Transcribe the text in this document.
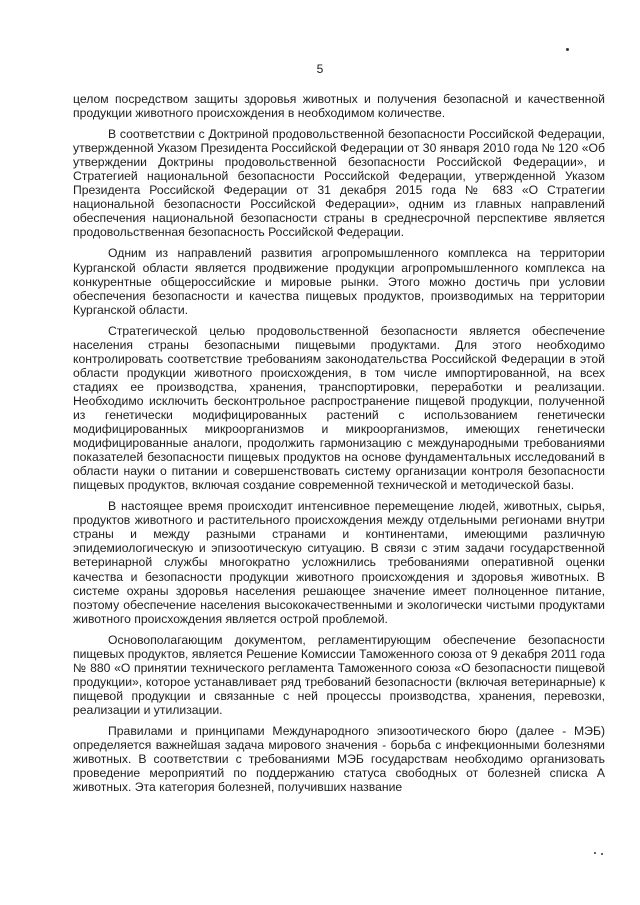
5

целом посредством защиты здоровья животных и получения безопасной и качественной продукции животного происхождения в необходимом количестве.

В соответствии с Доктриной продовольственной безопасности Российской Федерации, утвержденной Указом Президента Российской Федерации от 30 января 2010 года № 120 «Об утверждении Доктрины продовольственной безопасности Российской Федерации», и Стратегией национальной безопасности Российской Федерации, утвержденной Указом Президента Российской Федерации от 31 декабря 2015 года № 683 «О Стратегии национальной безопасности Российской Федерации», одним из главных направлений обеспечения национальной безопасности страны в среднесрочной перспективе является продовольственная безопасность Российской Федерации.

Одним из направлений развития агропромышленного комплекса на территории Курганской области является продвижение продукции агропромышленного комплекса на конкурентные общероссийские и мировые рынки. Этого можно достичь при условии обеспечения безопасности и качества пищевых продуктов, производимых на территории Курганской области.

Стратегической целью продовольственной безопасности является обеспечение населения страны безопасными пищевыми продуктами. Для этого необходимо контролировать соответствие требованиям законодательства Российской Федерации в этой области продукции животного происхождения, в том числе импортированной, на всех стадиях ее производства, хранения, транспортировки, переработки и реализации. Необходимо исключить бесконтрольное распространение пищевой продукции, полученной из генетически модифицированных растений с использованием генетически модифицированных микроорганизмов и микроорганизмов, имеющих генетически модифицированные аналоги, продолжить гармонизацию с международными требованиями показателей безопасности пищевых продуктов на основе фундаментальных исследований в области науки о питании и совершенствовать систему организации контроля безопасности пищевых продуктов, включая создание современной технической и методической базы.

В настоящее время происходит интенсивное перемещение людей, животных, сырья, продуктов животного и растительного происхождения между отдельными регионами внутри страны и между разными странами и континентами, имеющими различную эпидемиологическую и эпизоотическую ситуацию. В связи с этим задачи государственной ветеринарной службы многократно усложнились требованиями оперативной оценки качества и безопасности продукции животного происхождения и здоровья животных. В системе охраны здоровья населения решающее значение имеет полноценное питание, поэтому обеспечение населения высококачественными и экологически чистыми продуктами животного происхождения является острой проблемой.

Основополагающим документом, регламентирующим обеспечение безопасности пищевых продуктов, является Решение Комиссии Таможенного союза от 9 декабря 2011 года № 880 «О принятии технического регламента Таможенного союза «О безопасности пищевой продукции», которое устанавливает ряд требований безопасности (включая ветеринарные) к пищевой продукции и связанные с ней процессы производства, хранения, перевозки, реализации и утилизации.

Правилами и принципами Международного эпизоотического бюро (далее - МЭБ) определяется важнейшая задача мирового значения - борьба с инфекционными болезнями животных. В соответствии с требованиями МЭБ государствам необходимо организовать проведение мероприятий по поддержанию статуса свободных от болезней списка А животных. Эта категория болезней, получивших название
